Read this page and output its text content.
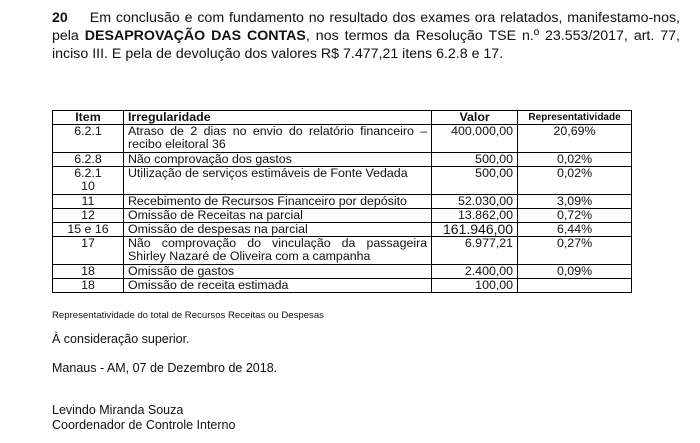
20 Em conclusão e com fundamento no resultado dos exames ora relatados, manifestamo-nos, pela DESAPROVAÇÃO DAS CONTAS, nos termos da Resolução TSE n.º 23.553/2017, art. 77, inciso III. E pela de devolução dos valores R$ 7.477,21 itens 6.2.8 e 17.
Item	Irregularidade	Valor	Representatividade
6.2.1	Atraso de 2 dias no envio do relatório financeiro – recibo eleitoral 36	400.000,00	20,69%
6.2.8	Não comprovação dos gastos	500,00	0,02%
6.2.1 10	Utilização de serviços estimáveis de Fonte Vedada	500,00	0,02%
11	Recebimento de Recursos Financeiro por depósito	52.030,00	3,09%
12	Omissão de Receitas na parcial	13.862,00	0,72%
15 e 16	Omissão de despesas na parcial	161.946,00	6,44%
17	Não comprovação do vinculação da passageira Shirley Nazaré de Oliveira com a campanha	6.977,21	0,27%
18	Omissão de gastos	2.400,00	0,09%
18	Omissão de receita estimada	100,00	
Representatividade do total de Recursos Receitas ou Despesas
À consideração superior.
Manaus - AM, 07 de Dezembro de 2018.
Levindo Miranda Souza
Coordenador de Controle Interno
